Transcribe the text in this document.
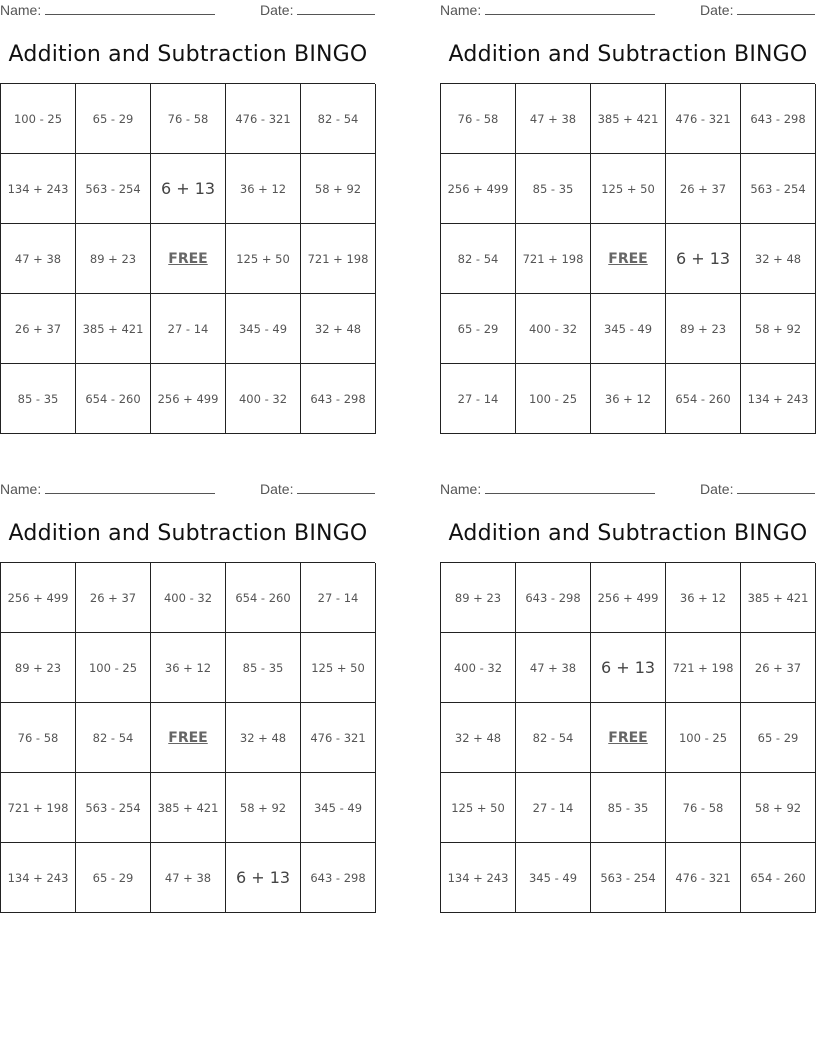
Name:	Date:
Addition and Subtraction BINGO
100 - 25	65 - 29	76 - 58	476 - 321	82 - 54
134 + 243	563 - 254	6 + 13	36 + 12	58 + 92
47 + 38	89 + 23	FREE	125 + 50	721 + 198
26 + 37	385 + 421	27 - 14	345 - 49	32 + 48
85 - 35	654 - 260	256 + 499	400 - 32	643 - 298
Name:	Date:
Addition and Subtraction BINGO
76 - 58	47 + 38	385 + 421	476 - 321	643 - 298
256 + 499	85 - 35	125 + 50	26 + 37	563 - 254
82 - 54	721 + 198	FREE	6 + 13	32 + 48
65 - 29	400 - 32	345 - 49	89 + 23	58 + 92
27 - 14	100 - 25	36 + 12	654 - 260	134 + 243
Name:	Date:
Addition and Subtraction BINGO
256 + 499	26 + 37	400 - 32	654 - 260	27 - 14
89 + 23	100 - 25	36 + 12	85 - 35	125 + 50
76 - 58	82 - 54	FREE	32 + 48	476 - 321
721 + 198	563 - 254	385 + 421	58 + 92	345 - 49
134 + 243	65 - 29	47 + 38	6 + 13	643 - 298
Name:	Date:
Addition and Subtraction BINGO
89 + 23	643 - 298	256 + 499	36 + 12	385 + 421
400 - 32	47 + 38	6 + 13	721 + 198	26 + 37
32 + 48	82 - 54	FREE	100 - 25	65 - 29
125 + 50	27 - 14	85 - 35	76 - 58	58 + 92
134 + 243	345 - 49	563 - 254	476 - 321	654 - 260
